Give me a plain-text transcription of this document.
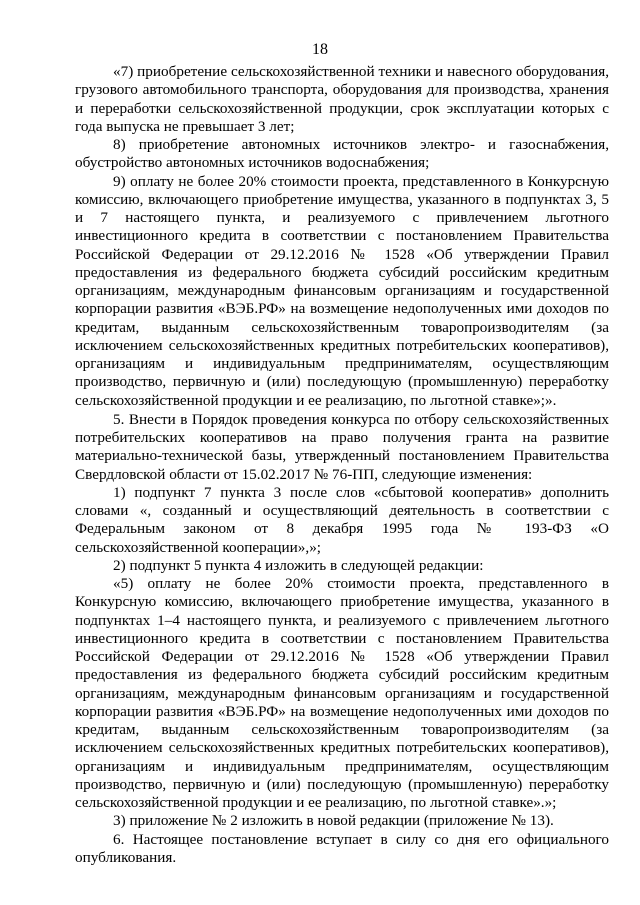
18

«7) приобретение сельскохозяйственной техники и навесного оборудования, грузового автомобильного транспорта, оборудования для производства, хранения и переработки сельскохозяйственной продукции, срок эксплуатации которых с года выпуска не превышает 3 лет;

8) приобретение автономных источников электро- и газоснабжения, обустройство автономных источников водоснабжения;

9) оплату не более 20% стоимости проекта, представленного в Конкурсную комиссию, включающего приобретение имущества, указанного в подпунктах 3, 5 и 7 настоящего пункта, и реализуемого с привлечением льготного инвестиционного кредита в соответствии с постановлением Правительства Российской Федерации от 29.12.2016 № 1528 «Об утверждении Правил предоставления из федерального бюджета субсидий российским кредитным организациям, международным финансовым организациям и государственной корпорации развития «ВЭБ.РФ» на возмещение недополученных ими доходов по кредитам, выданным сельскохозяйственным товаропроизводителям (за исключением сельскохозяйственных кредитных потребительских кооперативов), организациям и индивидуальным предпринимателям, осуществляющим производство, первичную и (или) последующую (промышленную) переработку сельскохозяйственной продукции и ее реализацию, по льготной ставке»;».

5. Внести в Порядок проведения конкурса по отбору сельскохозяйственных потребительских кооперативов на право получения гранта на развитие материально-технической базы, утвержденный постановлением Правительства Свердловской области от 15.02.2017 № 76-ПП, следующие изменения:

1) подпункт 7 пункта 3 после слов «сбытовой кооператив» дополнить словами «, созданный и осуществляющий деятельность в соответствии с Федеральным законом от 8 декабря 1995 года № 193-ФЗ «О сельскохозяйственной кооперации»,»;

2) подпункт 5 пункта 4 изложить в следующей редакции:

«5) оплату не более 20% стоимости проекта, представленного в Конкурсную комиссию, включающего приобретение имущества, указанного в подпунктах 1–4 настоящего пункта, и реализуемого с привлечением льготного инвестиционного кредита в соответствии с постановлением Правительства Российской Федерации от 29.12.2016 № 1528 «Об утверждении Правил предоставления из федерального бюджета субсидий российским кредитным организациям, международным финансовым организациям и государственной корпорации развития «ВЭБ.РФ» на возмещение недополученных ими доходов по кредитам, выданным сельскохозяйственным товаропроизводителям (за исключением сельскохозяйственных кредитных потребительских кооперативов), организациям и индивидуальным предпринимателям, осуществляющим производство, первичную и (или) последующую (промышленную) переработку сельскохозяйственной продукции и ее реализацию, по льготной ставке».»;

3) приложение № 2 изложить в новой редакции (приложение № 13).

6. Настоящее постановление вступает в силу со дня его официального опубликования.
